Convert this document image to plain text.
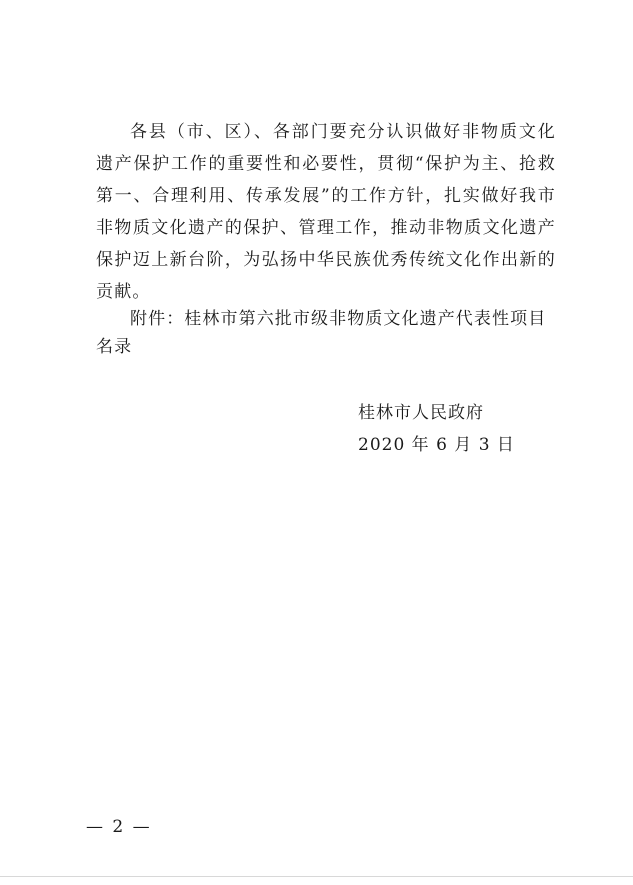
各县（市、区）、各部门要充分认识做好非物质文化遗产保护工作的重要性和必要性，贯彻“保护为主、抢救第一、合理利用、传承发展”的工作方针，扎实做好我市非物质文化遗产的保护、管理工作，推动非物质文化遗产保护迈上新台阶，为弘扬中华民族优秀传统文化作出新的贡献。

附件：桂林市第六批市级非物质文化遗产代表性项目名录

桂林市人民政府
2020 年 6 月 3 日
— 2 —
